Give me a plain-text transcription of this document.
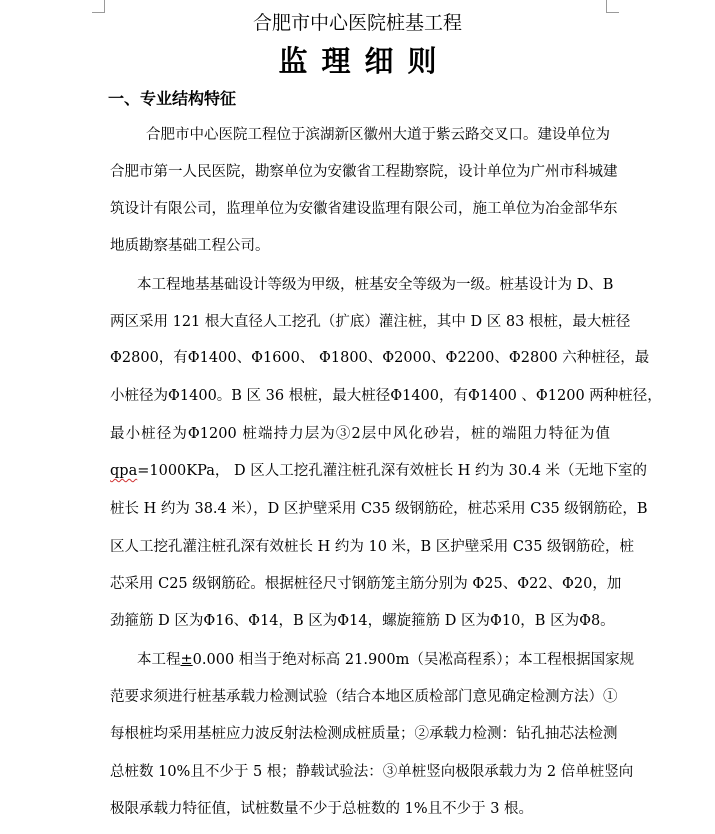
合肥市中心医院桩基工程
监理细则
一、专业结构特征
合肥市中心医院工程位于滨湖新区徽州大道于紫云路交叉口。建设单位为
合肥市第一人民医院，勘察单位为安徽省工程勘察院，设计单位为广州市科城建
筑设计有限公司，监理单位为安徽省建设监理有限公司，施工单位为冶金部华东
地质勘察基础工程公司。
本工程地基基础设计等级为甲级，桩基安全等级为一级。桩基设计为 D、B
两区采用 121 根大直径人工挖孔（扩底）灌注桩，其中 D 区 83 根桩，最大桩径
Φ2800，有Φ1400、Φ1600、 Φ1800、Φ2000、Φ2200、Φ2800 六种桩径，最
小桩径为Φ1400。B 区 36 根桩，最大桩径Φ1400，有Φ1400 、Φ1200 两种桩径，
最小桩径为Φ1200 桩端持力层为③2层中风化砂岩，桩的端阻力特征为值
qpa=1000KPa， D 区人工挖孔灌注桩孔深有效桩长 H 约为 30.4 米（无地下室的
桩长 H 约为 38.4 米），D 区护壁采用 C35 级钢筋砼，桩芯采用 C35 级钢筋砼，B
区人工挖孔灌注桩孔深有效桩长 H 约为 10 米，B 区护壁采用 C35 级钢筋砼，桩
芯采用 C25 级钢筋砼。根据桩径尺寸钢筋笼主筋分别为 Φ25、Φ22、Φ20，加
劲箍筋 D 区为Φ16、Φ14，B 区为Φ14，螺旋箍筋 D 区为Φ10，B 区为Φ8。
本工程±0.000 相当于绝对标高 21.900m（吴凇高程系）；本工程根据国家规
范要求须进行桩基承载力检测试验（结合本地区质检部门意见确定检测方法）①
每根桩均采用基桩应力波反射法检测成桩质量；②承载力检测：钻孔抽芯法检测
总桩数 10%且不少于 5 根；静载试验法：③单桩竖向极限承载力为 2 倍单桩竖向
极限承载力特征值，试桩数量不少于总桩数的 1%且不少于 3 根。
